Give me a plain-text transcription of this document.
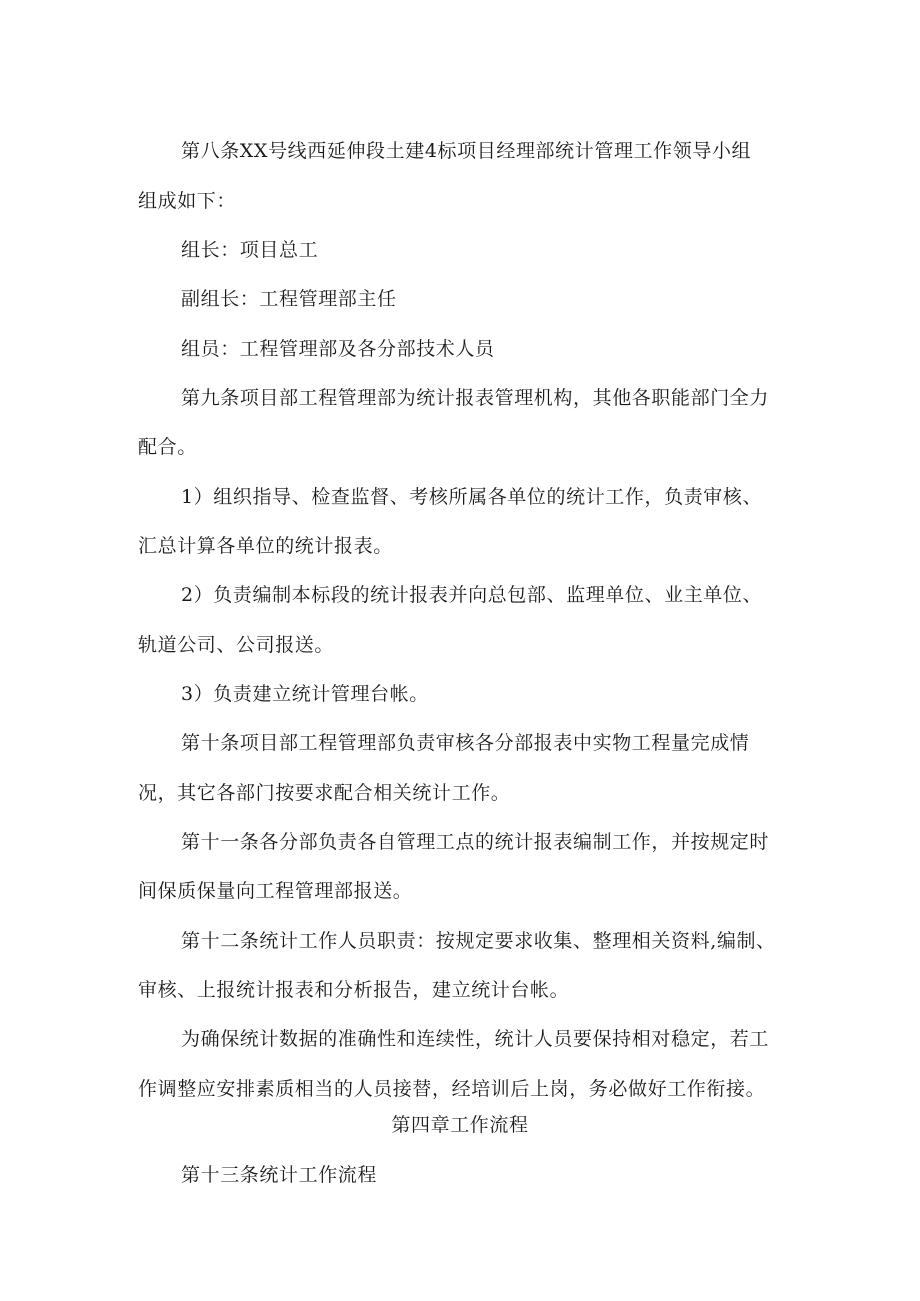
第八条XX号线西延伸段土建4标项目经理部统计管理工作领导小组
组成如下：
组长：项目总工
副组长：工程管理部主任
组员：工程管理部及各分部技术人员
第九条项目部工程管理部为统计报表管理机构，其他各职能部门全力
配合。
1）组织指导、检查监督、考核所属各单位的统计工作，负责审核、
汇总计算各单位的统计报表。
2）负责编制本标段的统计报表并向总包部、监理单位、业主单位、
轨道公司、公司报送。
3）负责建立统计管理台帐。
第十条项目部工程管理部负责审核各分部报表中实物工程量完成情
况，其它各部门按要求配合相关统计工作。
第十一条各分部负责各自管理工点的统计报表编制工作，并按规定时
间保质保量向工程管理部报送。
第十二条统计工作人员职责：按规定要求收集、整理相关资料,编制、
审核、上报统计报表和分析报告，建立统计台帐。
为确保统计数据的准确性和连续性，统计人员要保持相对稳定，若工
作调整应安排素质相当的人员接替，经培训后上岗，务必做好工作衔接。
第四章工作流程
第十三条统计工作流程
